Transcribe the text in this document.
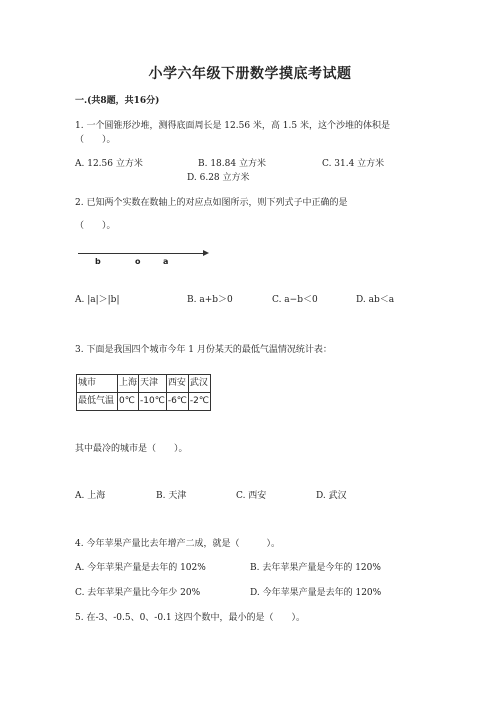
小学六年级下册数学摸底考试题
一.(共8题，共16分)
1. 一个圆锥形沙堆，测得底面周长是 12.56 米，高 1.5 米，这个沙堆的体积是
（　　）。
A. 12.56 立方米	B. 18.84 立方米	C. 31.4 立方米
D. 6.28 立方米
2. 已知两个实数在数轴上的对应点如图所示，则下列式子中正确的是
（　　）。
b	o	a
A. |a|＞|b|	B. a+b＞0	C. a−b＜0	D. ab＜a
3. 下面是我国四个城市今年 1 月份某天的最低气温情况统计表：
城市	上海	天津	西安	武汉
最低气温	0℃	-10℃	-6℃	-2℃
其中最冷的城市是（　　）。
A. 上海	B. 天津	C. 西安	D. 武汉
4. 今年苹果产量比去年增产二成，就是（　　　）。
A. 今年苹果产量是去年的 102%	B. 去年苹果产量是今年的 120%
C. 去年苹果产量比今年少 20%	D. 今年苹果产量是去年的 120%
5. 在-3、-0.5、0、-0.1 这四个数中，最小的是（　　）。
